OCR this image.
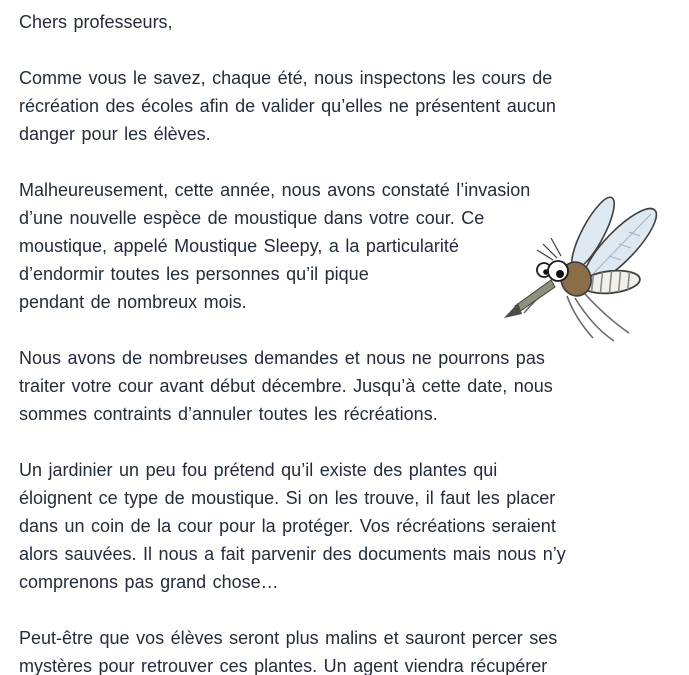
Chers professeurs,
Comme vous le savez, chaque été, nous inspectons les cours de
récréation des écoles afin de valider qu’elles ne présentent aucun
danger pour les élèves.
Malheureusement, cette année, nous avons constaté l’invasion
d’une nouvelle espèce de moustique dans votre cour. Ce
moustique, appelé Moustique Sleepy, a la particularité
d’endormir toutes les personnes qu’il pique
pendant de nombreux mois.
Nous avons de nombreuses demandes et nous ne pourrons pas
traiter votre cour avant début décembre. Jusqu’à cette date, nous
sommes contraints d’annuler toutes les récréations.
Un jardinier un peu fou prétend qu’il existe des plantes qui
éloignent ce type de moustique. Si on les trouve, il faut les placer
dans un coin de la cour pour la protéger. Vos récréations seraient
alors sauvées. Il nous a fait parvenir des documents mais nous n’y
comprenons pas grand chose…
Peut-être que vos élèves seront plus malins et sauront percer ses
mystères pour retrouver ces plantes. Un agent viendra récupérer
